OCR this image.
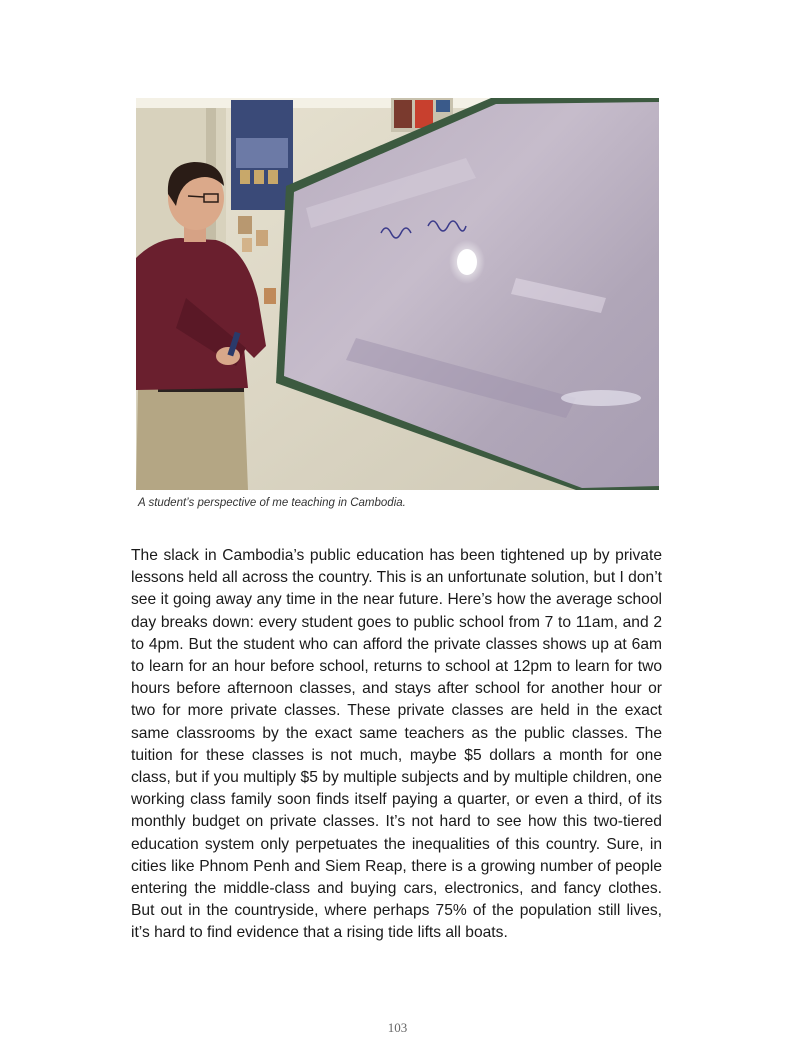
A student’s perspective of me teaching in Cambodia.

The slack in Cambodia’s public education has been tightened up by private lessons held all across the country. This is an unfortunate solution, but I don’t see it going away any time in the near future. Here’s how the average school day breaks down: every student goes to public school from 7 to 11am, and 2 to 4pm. But the student who can afford the private classes shows up at 6am to learn for an hour before school, returns to school at 12pm to learn for two hours before afternoon classes, and stays after school for another hour or two for more private classes. These private classes are held in the exact same classrooms by the exact same teachers as the public classes. The tuition for these classes is not much, maybe $5 dollars a month for one class, but if you multiply $5 by multiple subjects and by multiple children, one working class family soon finds itself paying a quarter, or even a third, of its monthly budget on private classes. It’s not hard to see how this two-tiered education system only perpetuates the inequalities of this country. Sure, in cities like Phnom Penh and Siem Reap, there is a growing number of people entering the middle-class and buying cars, electronics, and fancy clothes. But out in the countryside, where perhaps 75% of the population still lives, it’s hard to find evidence that a rising tide lifts all boats.

103
